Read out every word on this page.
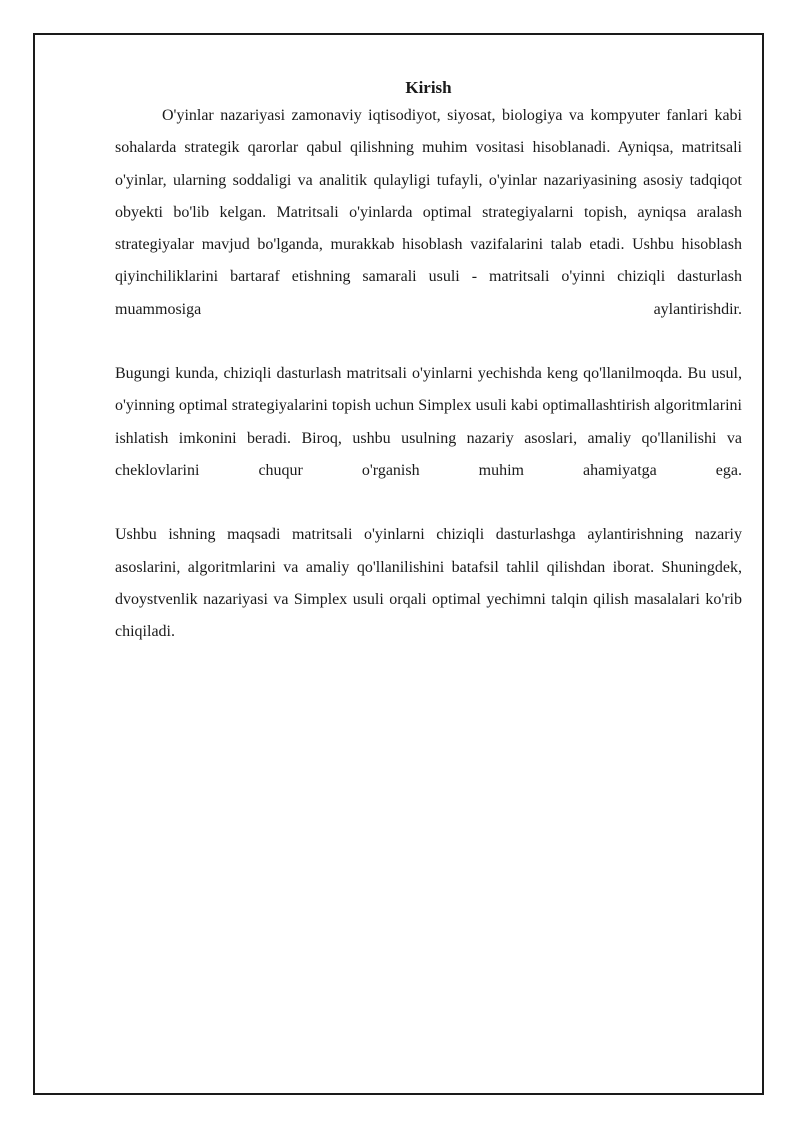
Kirish

O'yinlar nazariyasi zamonaviy iqtisodiyot, siyosat, biologiya va kompyuter fanlari kabi sohalarda strategik qarorlar qabul qilishning muhim vositasi hisoblanadi. Ayniqsa, matritsali o'yinlar, ularning soddaligi va analitik qulayligi tufayli, o'yinlar nazariyasining asosiy tadqiqot obyekti bo'lib kelgan. Matritsali o'yinlarda optimal strategiyalarni topish, ayniqsa aralash strategiyalar mavjud bo'lganda, murakkab hisoblash vazifalarini talab etadi. Ushbu hisoblash qiyinchiliklarini bartaraf etishning samarali usuli - matritsali o'yinni chiziqli dasturlash muammosiga aylantirishdir.

Bugungi kunda, chiziqli dasturlash matritsali o'yinlarni yechishda keng qo'llanilmoqda. Bu usul, o'yinning optimal strategiyalarini topish uchun Simplex usuli kabi optimallashtirish algoritmlarini ishlatish imkonini beradi. Biroq, ushbu usulning nazariy asoslari, amaliy qo'llanilishi va cheklovlarini chuqur o'rganish muhim ahamiyatga ega.

Ushbu ishning maqsadi matritsali o'yinlarni chiziqli dasturlashga aylantirishning nazariy asoslarini, algoritmlarini va amaliy qo'llanilishini batafsil tahlil qilishdan iborat. Shuningdek, dvoystvenlik nazariyasi va Simplex usuli orqali optimal yechimni talqin qilish masalalari ko'rib chiqiladi.
